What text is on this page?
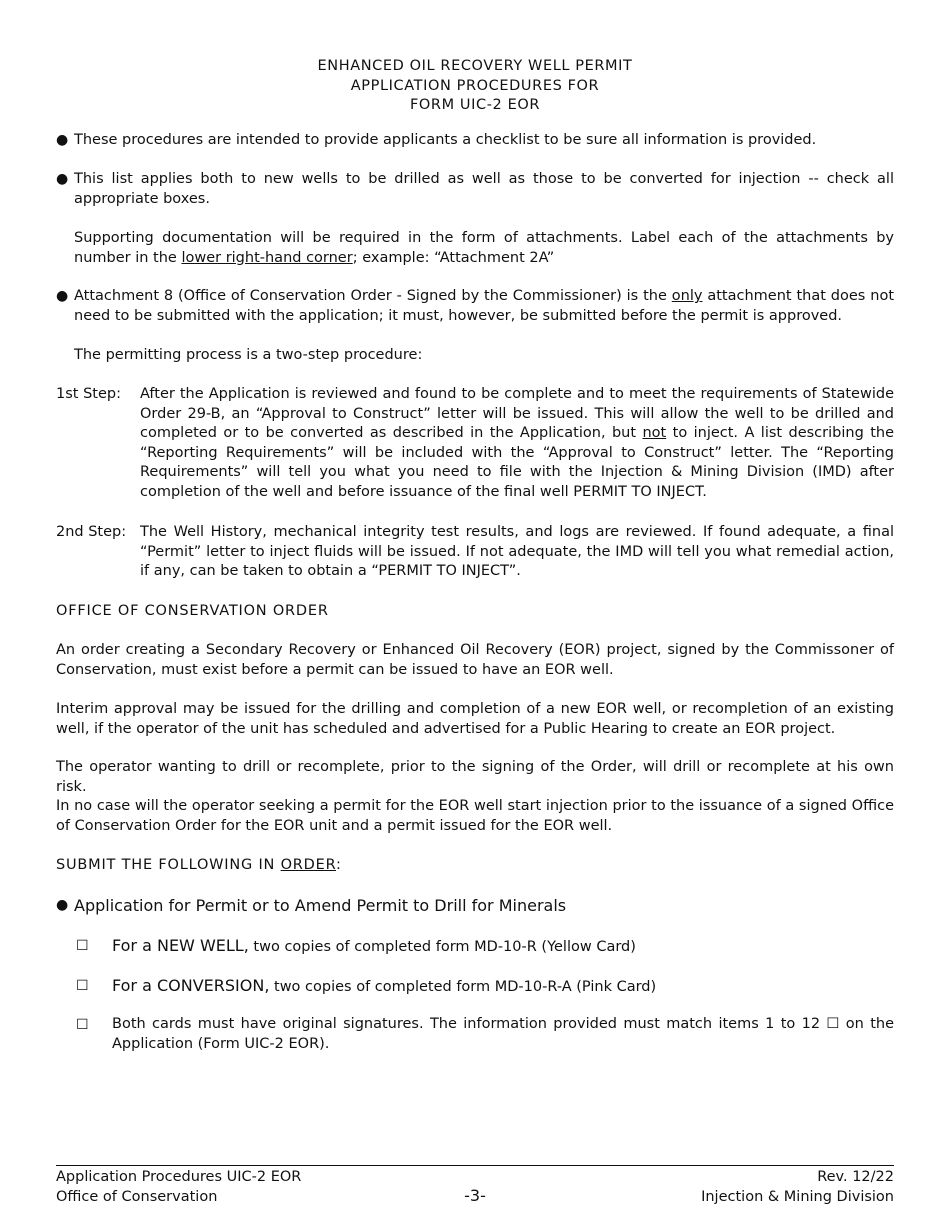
ENHANCED OIL RECOVERY WELL PERMIT
APPLICATION PROCEDURES FOR
FORM UIC-2 EOR
● These procedures are intended to provide applicants a checklist to be sure all information is provided.
● This list applies both to new wells to be drilled as well as those to be converted for injection -- check all appropriate boxes.
Supporting documentation will be required in the form of attachments. Label each of the attachments by number in the lower right-hand corner; example: “Attachment 2A”
● Attachment 8 (Office of Conservation Order - Signed by the Commissioner) is the only attachment that does not need to be submitted with the application; it must, however, be submitted before the permit is approved.
The permitting process is a two-step procedure:
1st Step:	After the Application is reviewed and found to be complete and to meet the requirements of Statewide Order 29-B, an “Approval to Construct” letter will be issued. This will allow the well to be drilled and completed or to be converted as described in the Application, but not to inject. A list describing the “Reporting Requirements” will be included with the “Approval to Construct” letter. The “Reporting Requirements” will tell you what you need to file with the Injection & Mining Division (IMD) after completion of the well and before issuance of the final well PERMIT TO INJECT.
2nd Step: The Well History, mechanical integrity test results, and logs are reviewed. If found adequate, a final “Permit” letter to inject fluids will be issued. If not adequate, the IMD will tell you what remedial action, if any, can be taken to obtain a “PERMIT TO INJECT”.
OFFICE OF CONSERVATION ORDER
An order creating a Secondary Recovery or Enhanced Oil Recovery (EOR) project, signed by the Commissoner of Conservation, must exist before a permit can be issued to have an EOR well.
Interim approval may be issued for the drilling and completion of a new EOR well, or recompletion of an existing well, if the operator of the unit has scheduled and advertised for a Public Hearing to create an EOR project.
The operator wanting to drill or recomplete, prior to the signing of the Order, will drill or recomplete at his own risk.
In no case will the operator seeking a permit for the EOR well start injection prior to the issuance of a signed Office of Conservation Order for the EOR unit and a permit issued for the EOR well.
SUBMIT THE FOLLOWING IN ORDER:
● Application for Permit or to Amend Permit to Drill for Minerals
☐ For a NEW WELL, two copies of completed form MD-10-R (Yellow Card)
☐ For a CONVERSION, two copies of completed form MD-10-R-A (Pink Card)
☐ Both cards must have original signatures. The information provided must match items 1 to 12 ☐ on the Application (Form UIC-2 EOR).
Application Procedures UIC-2 EOR
Office of Conservation	-3-
Rev. 12/22
Injection & Mining Division
